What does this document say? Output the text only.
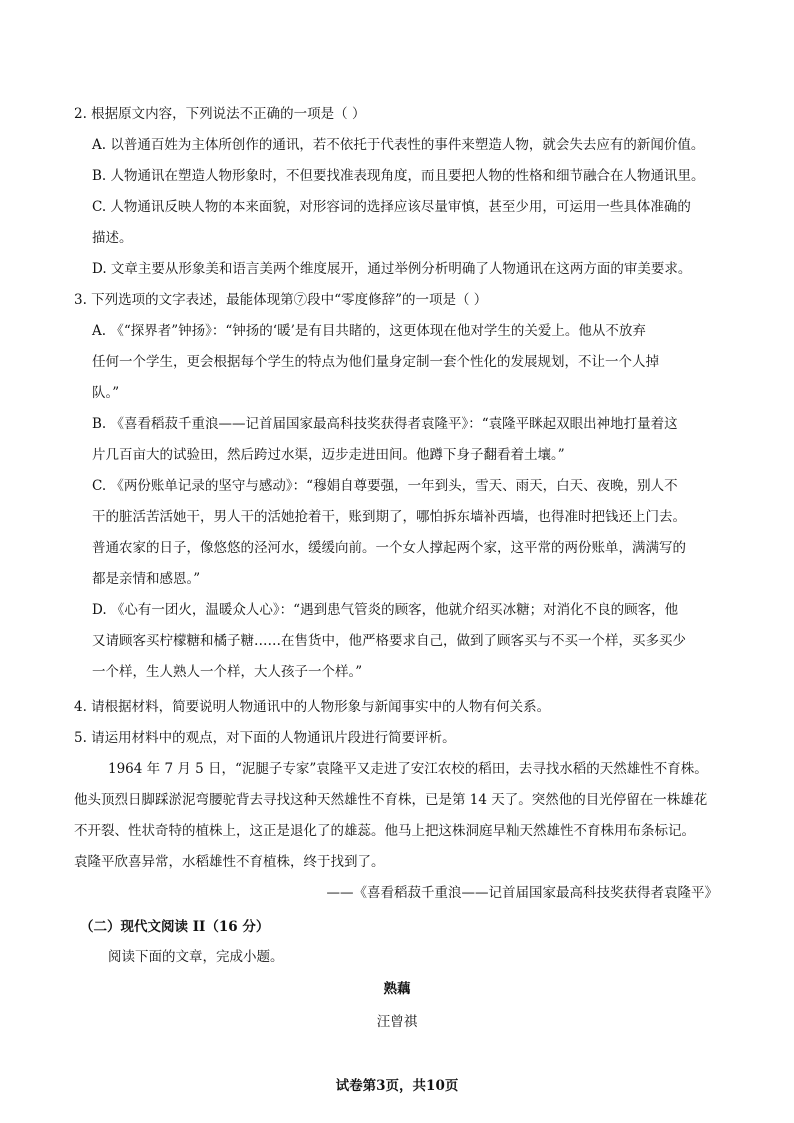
2. 根据原文内容，下列说法不正确的一项是（ ）
A. 以普通百姓为主体所创作的通讯，若不依托于代表性的事件来塑造人物，就会失去应有的新闻价值。
B. 人物通讯在塑造人物形象时，不但要找准表现角度，而且要把人物的性格和细节融合在人物通讯里。
C. 人物通讯反映人物的本来面貌，对形容词的选择应该尽量审慎，甚至少用，可运用一些具体准确的
描述。
D. 文章主要从形象美和语言美两个维度展开，通过举例分析明确了人物通讯在这两方面的审美要求。
3. 下列选项的文字表述，最能体现第⑦段中“零度修辞”的一项是（ ）
A. 《“探界者”钟扬》：“钟扬的‘暖’是有目共睹的，这更体现在他对学生的关爱上。他从不放弃
任何一个学生，更会根据每个学生的特点为他们量身定制一套个性化的发展规划，不让一个人掉
队。”
B. 《喜看稻菽千重浪——记首届国家最高科技奖获得者袁隆平》：“袁隆平眯起双眼出神地打量着这
片几百亩大的试验田，然后跨过水渠，迈步走进田间。他蹲下身子翻看着土壤。”
C. 《两份账单记录的坚守与感动》：“穆娟自尊要强，一年到头，雪天、雨天，白天、夜晚，别人不
干的脏活苦活她干，男人干的活她抢着干，账到期了，哪怕拆东墙补西墙，也得准时把钱还上门去。
普通农家的日子，像悠悠的泾河水，缓缓向前。一个女人撑起两个家，这平常的两份账单，满满写的
都是亲情和感恩。”
D. 《心有一团火，温暖众人心》：“遇到患气管炎的顾客，他就介绍买冰糖；对消化不良的顾客，他
又请顾客买柠檬糖和橘子糖……在售货中，他严格要求自己，做到了顾客买与不买一个样，买多买少
一个样，生人熟人一个样，大人孩子一个样。”
4. 请根据材料，简要说明人物通讯中的人物形象与新闻事实中的人物有何关系。
5. 请运用材料中的观点，对下面的人物通讯片段进行简要评析。
1964 年 7 月 5 日，“泥腿子专家”袁隆平又走进了安江农校的稻田，去寻找水稻的天然雄性不育株。
他头顶烈日脚踩淤泥弯腰驼背去寻找这种天然雄性不育株，已是第 14 天了。突然他的目光停留在一株雄花
不开裂、性状奇特的植株上，这正是退化了的雄蕊。他马上把这株洞庭早籼天然雄性不育株用布条标记。
袁隆平欣喜异常，水稻雄性不育植株，终于找到了。
——《喜看稻菽千重浪——记首届国家最高科技奖获得者袁隆平》
（二）现代文阅读 II（16 分）
阅读下面的文章，完成小题。
熟藕
汪曾祺
试卷第3页，共10页
